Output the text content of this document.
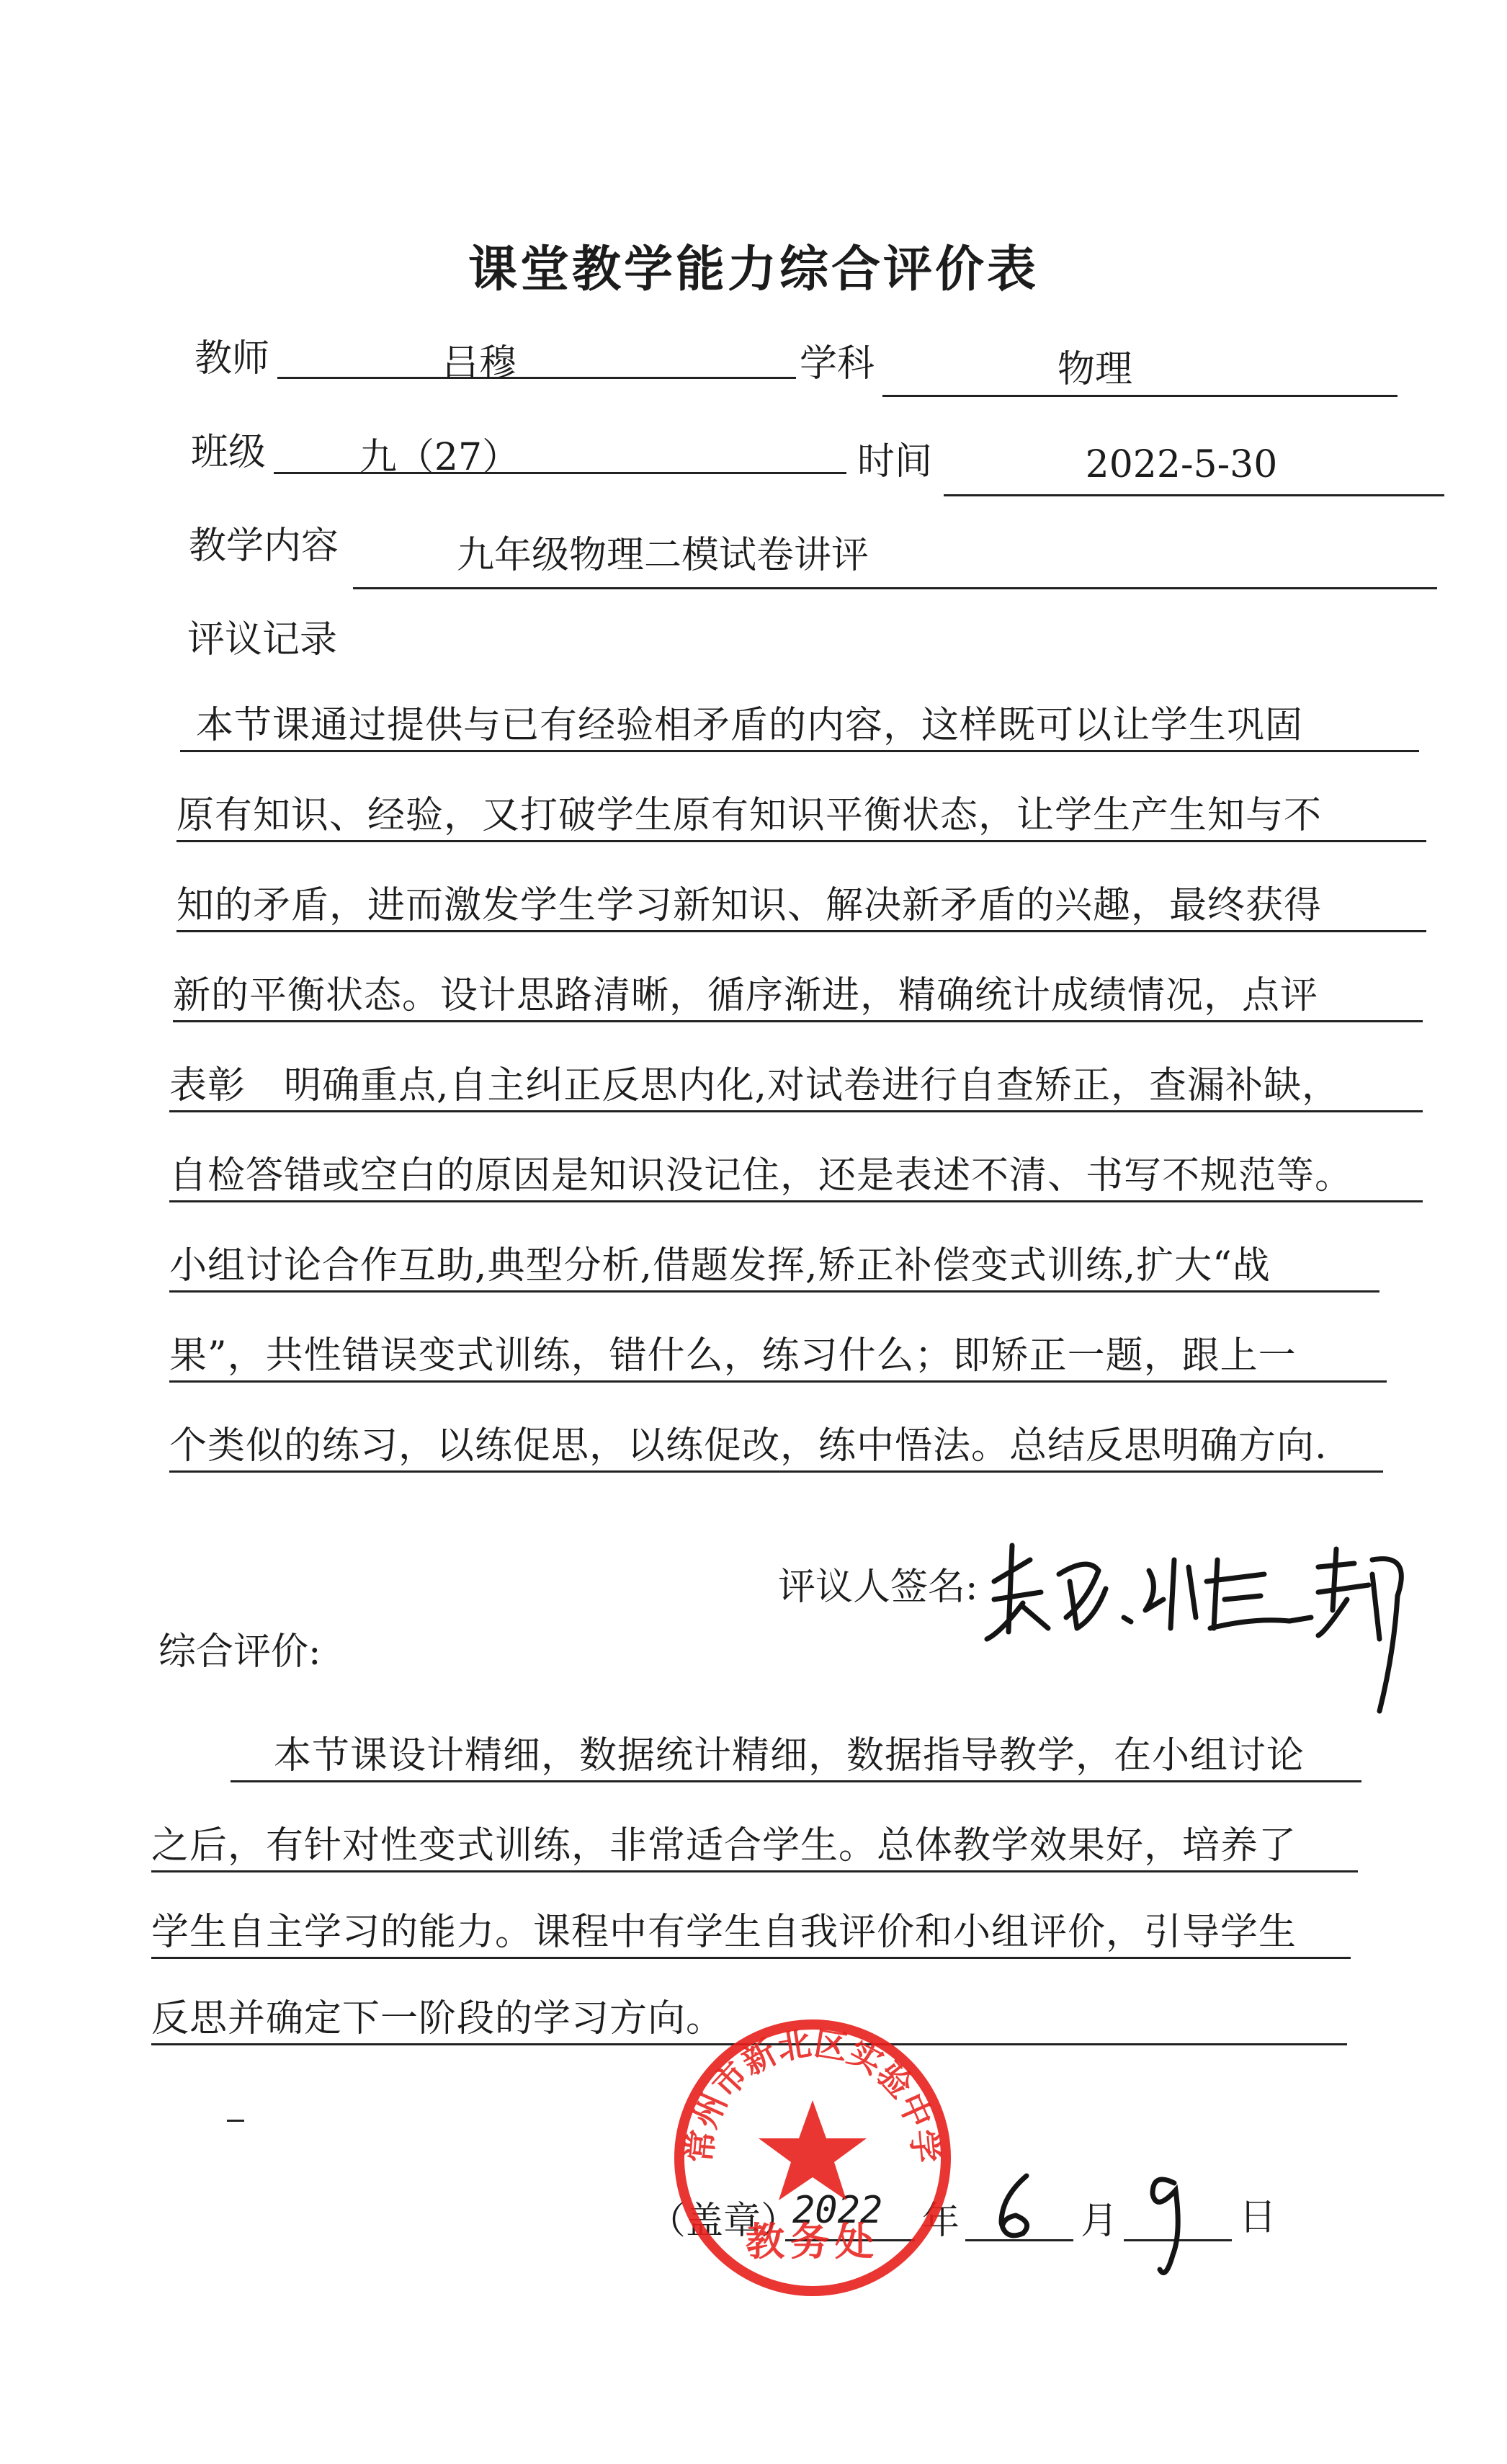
课堂教学能力综合评价表
教师	吕穆	学科	物理
班级	九（27）	时间	2022-5-30
教学内容	九年级物理二模试卷讲评
评议记录
本节课通过提供与已有经验相矛盾的内容，这样既可以让学生巩固
原有知识、经验，又打破学生原有知识平衡状态，让学生产生知与不
知的矛盾，进而激发学生学习新知识、解决新矛盾的兴趣，最终获得
新的平衡状态。设计思路清晰，循序渐进，精确统计成绩情况，点评
表彰　明确重点,自主纠正反思内化,对试卷进行自查矫正，查漏补缺，
自检答错或空白的原因是知识没记住，还是表述不清、书写不规范等。
小组讨论合作互助,典型分析,借题发挥,矫正补偿变式训练,扩大“战
果”，共性错误变式训练，错什么，练习什么；即矫正一题，跟上一
个类似的练习，以练促思，以练促改，练中悟法。总结反思明确方向.
评议人签名:
综合评价:
本节课设计精细，数据统计精细，数据指导教学，在小组讨论
之后，有针对性变式训练，非常适合学生。总体教学效果好，培养了
学生自主学习的能力。课程中有学生自我评价和小组评价，引导学生
反思并确定下一阶段的学习方向。
（盖章）
2022 年	月	日
常州市新北区实验中学
教务处
